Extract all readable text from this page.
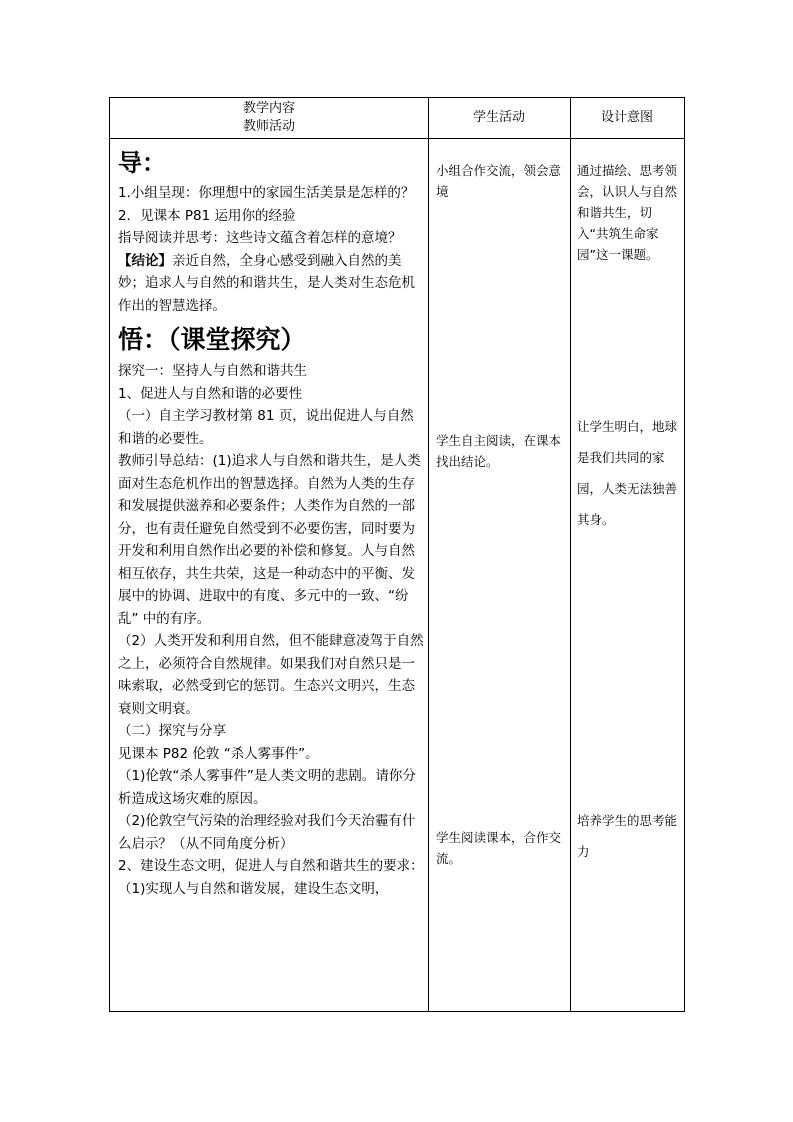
教学内容
教师活动
学生活动	设计意图

导：

1.小组呈现：你理想中的家园生活美景是怎样的？

2．见课本 P81 运用你的经验

指导阅读并思考：这些诗文蕴含着怎样的意境？

【结论】亲近自然，全身心感受到融入自然的美妙；追求人与自然的和谐共生，是人类对生态危机作出的智慧选择。

悟：（课堂探究）

探究一：坚持人与自然和谐共生

1、促进人与自然和谐的必要性

（一）自主学习教材第 81 页，说出促进人与自然和谐的必要性。

教师引导总结：(1)追求人与自然和谐共生，是人类面对生态危机作出的智慧选择。自然为人类的生存和发展提供滋养和必要条件；人类作为自然的一部分，也有责任避免自然受到不必要伤害，同时要为开发和利用自然作出必要的补偿和修复。人与自然相互依存，共生共荣，这是一种动态中的平衡、发展中的协调、进取中的有度、多元中的一致、“纷乱” 中的有序。

（2）人类开发和利用自然，但不能肆意凌驾于自然之上，必须符合自然规律。如果我们对自然只是一味索取，必然受到它的惩罚。生态兴文明兴，生态衰则文明衰。

（二）探究与分享

见课本 P82 伦敦 “杀人雾事件”。

（1)伦敦“杀人雾事件”是人类文明的悲剧。请你分析造成这场灾难的原因。

（2)伦敦空气污染的治理经验对我们今天治霾有什么启示？（从不同角度分析）

2、建设生态文明，促进人与自然和谐共生的要求：

（1)实现人与自然和谐发展，建设生态文明，

小组合作交流，领会意境
学生自主阅读，在课本找出结论。
学生阅读课本，合作交流。
通过描绘、思考领会，认识人与自然和谐共生，切入“共筑生命家园”这一课题。
让学生明白，地球是我们共同的家园，人类无法独善其身。
培养学生的思考能力
